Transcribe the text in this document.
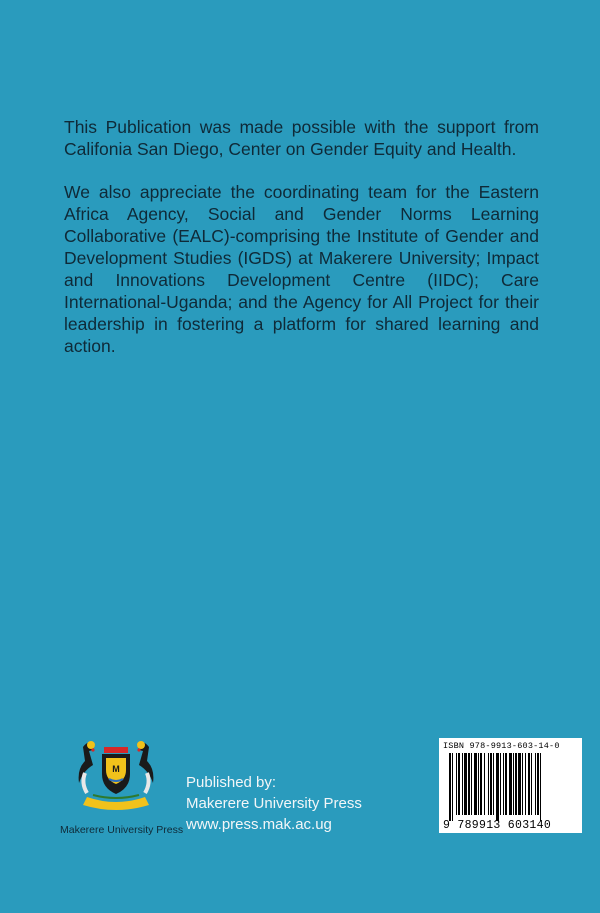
This Publication was made possible with the support from Califonia San Diego, Center on Gender Equity and Health.

We also appreciate the coordinating team for the Eastern Africa Agency, Social and Gender Norms Learning Collaborative (EALC)-comprising the Institute of Gender and Development Studies (IGDS) at Makerere University; Impact and Innovations Development Centre (IIDC); Care International-Uganda; and the Agency for All Project for their leadership in fostering a platform for shared learning and action.

M
Makerere University Press
Published by:
Makerere University Press
www.press.mak.ac.ug
ISBN 978-9913-603-14-0
9 789913 603140
